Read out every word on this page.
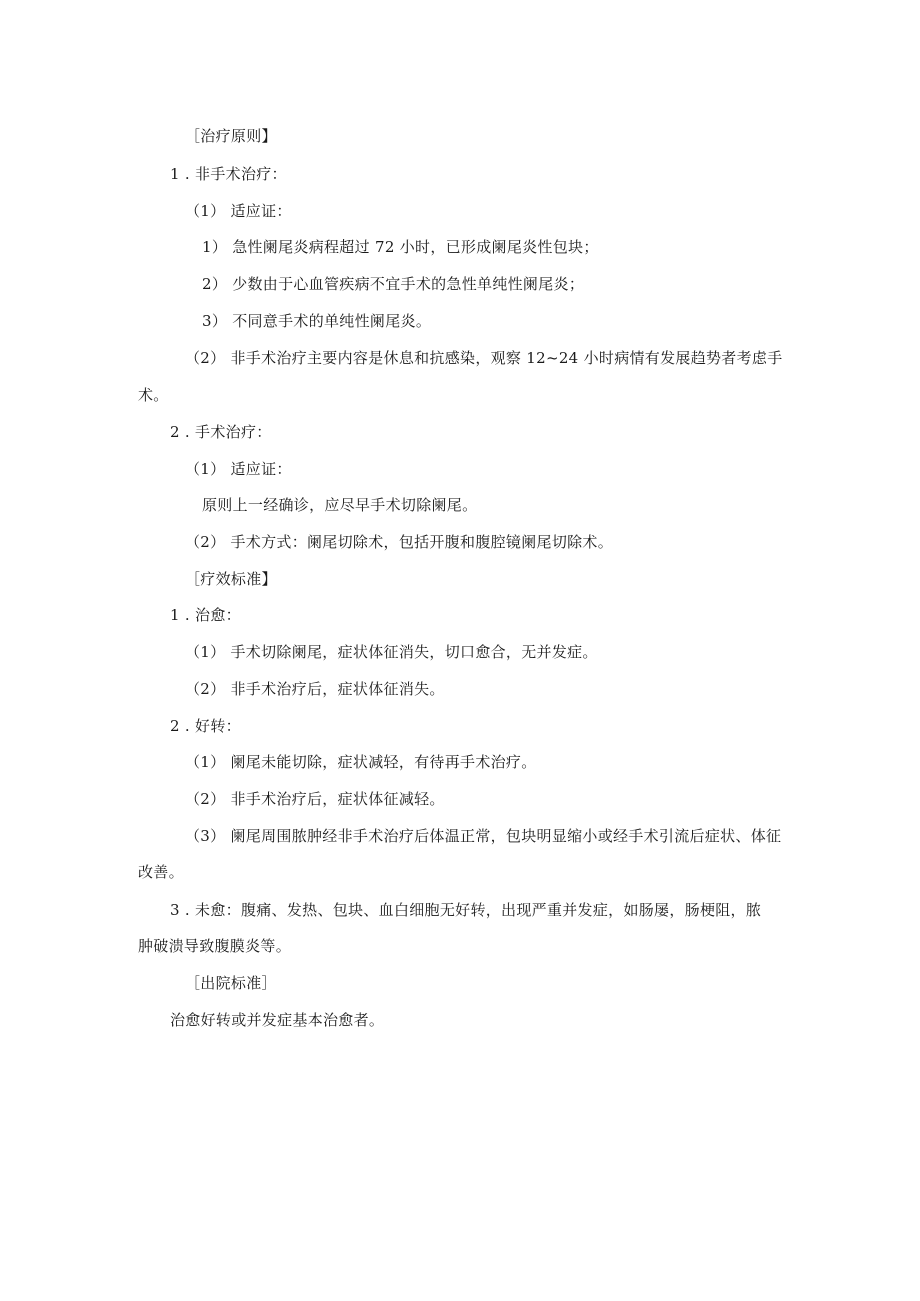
［治疗原则】
1 . 非手术治疗：
（1） 适应证：
1） 急性阑尾炎病程超过 72 小时，已形成阑尾炎性包块；
2） 少数由于心血管疾病不宜手术的急性单纯性阑尾炎；
3） 不同意手术的单纯性阑尾炎。
（2） 非手术治疗主要内容是休息和抗感染，观察 12~24 小时病情有发展趋势者考虑手
术。
2 . 手术治疗：
（1） 适应证：
原则上一经确诊，应尽早手术切除阑尾。
（2） 手术方式：阑尾切除术，包括开腹和腹腔镜阑尾切除术。
［疗效标准】
1 . 治愈：
（1） 手术切除阑尾，症状体征消失，切口愈合，无并发症。
（2） 非手术治疗后，症状体征消失。
2 . 好转：
（1） 阑尾未能切除，症状减轻，有待再手术治疗。
（2） 非手术治疗后，症状体征减轻。
（3） 阑尾周围脓肿经非手术治疗后体温正常，包块明显缩小或经手术引流后症状、体征
改善。
3 . 未愈：腹痛、发热、包块、血白细胞无好转，出现严重并发症，如肠屡，肠梗阻，脓
肿破溃导致腹膜炎等。
［出院标准］
治愈好转或并发症基本治愈者。
